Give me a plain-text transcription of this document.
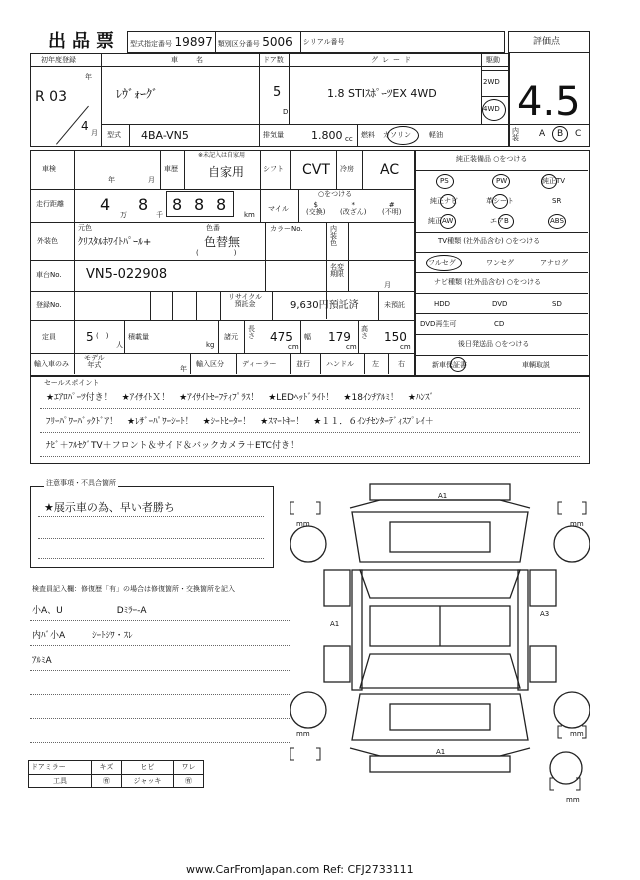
出品票 型式指定番号 19897	類別区分番号 5006	シリアル番号	評価点
4.5
内装	A B C
初年度登録
R 03
年
4 月
車名
ﾚｳﾞｫｰｸﾞ
ドア数
5
D
グレード
1.8 STIｽﾎﾟｰﾂEX 4WD
駆動
2WD
4WD
型式 4BA-VN5	排気量 1.800 cc 燃料 ガソリン	軽油
車検
年	月
車歴
※未記入は自家用
自家用	シフト CVT 冷房 AC
走行距離 4
万
8
千
8 8 8
km
マイル
○をつける
$
(交換)
*
(改ざん)
#
(不明)
外装色
元色
ｸﾘｽﾀﾙﾎﾜｲﾄﾊﾟｰﾙ+
色番
色替無
(　　　　　)
カラーNo.	内装色
車台No. VN5-022908	名変期限
月
登録No.
リサイクル
預託金	9,630円預託済	未預託
定員	5 (　)
人
積載量
kg
諸元
長さ 475
cm
幅 179
cm
高さ 150
cm
輸入車のみ
モデル
年式	年
輸入区分	ディーラー	並行 ハンドル	左	右
純正装備品 ○をつける
PS	PW	純正TV
純正ナビ	革シート	SR
純正AW	エアB	ABS
TV種類 (社外品含む) ○をつける
フルセグ	ワンセグ	アナログ
ナビ種類 (社外品含む) ○をつける
HDD	DVD	SD
DVD再生可	CD
後日発送品 ○をつける
新車保証書	車輌取説
セールスポイント
★ｴｱﾛﾊﾟｰﾂ付き！　★ｱｲｻｲﾄＸ！　★ｱｲｻｲﾄｾｰﾌﾃｨﾌﾟﾗｽ！　★LEDﾍｯﾄﾞﾗｲﾄ！　★18ｲﾝﾁｱﾙﾐ！　★ﾊﾝｽﾞ
ﾌﾘｰﾊﾟﾜｰﾊﾞｯｸﾄﾞｱ！　★ﾚｻﾞｰﾊﾟﾜｰｼｰﾄ！　★ｼｰﾄﾋｰﾀｰ！　★ｽﾏｰﾄｷｰ！　★１１．６ｲﾝﾁｾﾝﾀｰﾃﾞｨｽﾌﾟﾚｲ＋
ﾅﾋﾞ＋ﾌﾙｾｸﾞTV＋フロント＆サイド＆バックカメラ＋ETC付き！
注意事項・不具合箇所
★展示車の為、早い者勝ち
検査員記入欄：修復歴「有」の場合は修復箇所・交換箇所を記入
小A、U　　　　　　Dﾐﾗｰ-A
内ﾊﾞ小A　　　ｼｰﾄｼﾜ・ｽﾚ
ｱﾙﾐA
ドアミラー	キズ	ヒビ	ワレ
工具	㊒	ジャッキ	㊒
A1
A1
A3
A1
mm	mm
mm	mm
mm
www.CarFromJapan.com Ref: CFJ2733111
